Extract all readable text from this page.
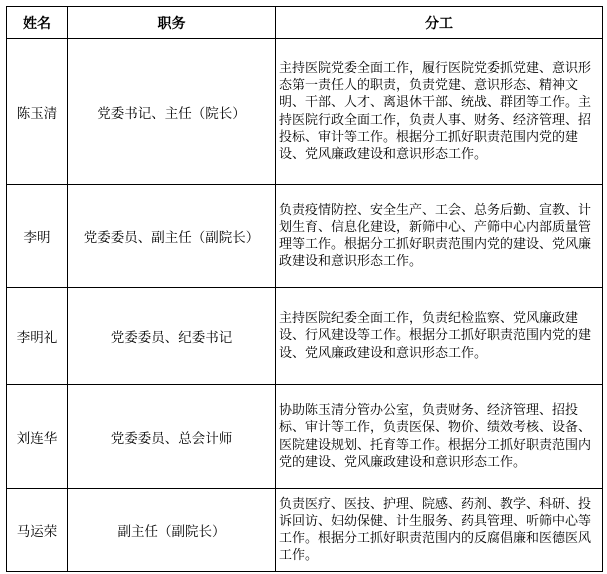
姓名	职务	分工
陈玉清	党委书记、主任（院长）	主持医院党委全面工作，履行医院党委抓党建、意识形态第一责任人的职责，负责党建、意识形态、精神文明、干部、人才、离退休干部、统战、群团等工作。主持医院行政全面工作，负责人事、财务、经济管理、招投标、审计等工作。根据分工抓好职责范围内党的建设、党风廉政建设和意识形态工作。
李明	党委委员、副主任（副院长）	负责疫情防控、安全生产、工会、总务后勤、宣教、计划生育、信息化建设，新筛中心、产筛中心内部质量管理等工作。根据分工抓好职责范围内党的建设、党风廉政建设和意识形态工作。
李明礼	党委委员、纪委书记	主持医院纪委全面工作，负责纪检监察、党风廉政建设、行风建设等工作。根据分工抓好职责范围内党的建设、党风廉政建设和意识形态工作。
刘连华	党委委员、总会计师	协助陈玉清分管办公室，负责财务、经济管理、招投标、审计等工作，负责医保、物价、绩效考核、设备、医院建设规划、托育等工作。根据分工抓好职责范围内党的建设、党风廉政建设和意识形态工作。
马运荣	副主任（副院长）	负责医疗、医技、护理、院感、药剂、教学、科研、投诉回访、妇幼保健、计生服务、药具管理、听筛中心等工作。根据分工抓好职责范围内的反腐倡廉和医德医风工作。
